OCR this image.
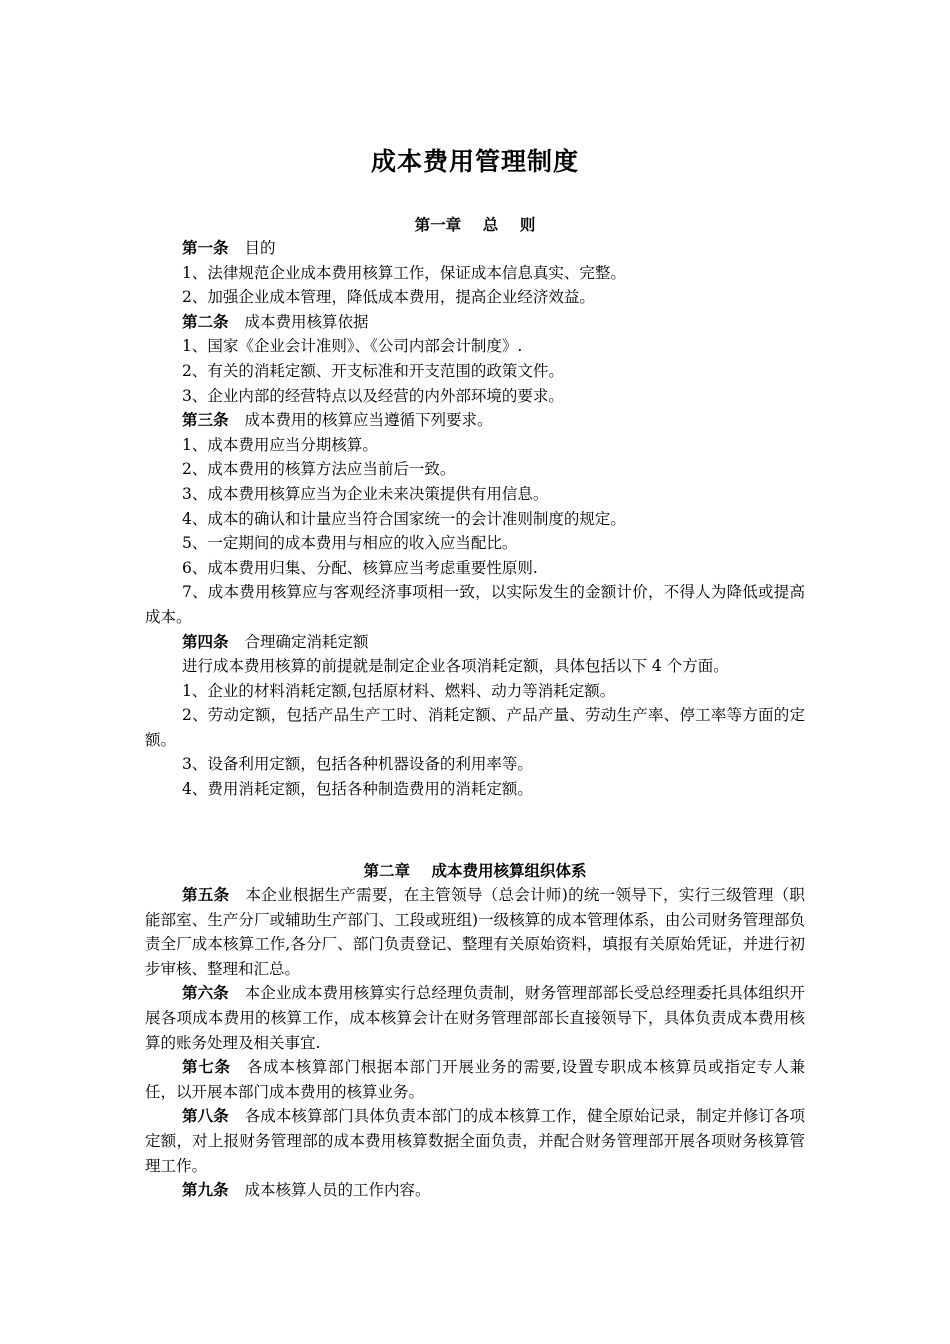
成本费用管理制度
第一章    总    则

第一条 目的

1、法律规范企业成本费用核算工作，保证成本信息真实、完整。

2、加强企业成本管理，降低成本费用，提高企业经济效益。

第二条 成本费用核算依据

1、国家《企业会计准则》、《公司内部会计制度》.

2、有关的消耗定额、开支标准和开支范围的政策文件。

3、企业内部的经营特点以及经营的内外部环境的要求。

第三条 成本费用的核算应当遵循下列要求。

1、成本费用应当分期核算。

2、成本费用的核算方法应当前后一致。

3、成本费用核算应当为企业未来决策提供有用信息。

4、成本的确认和计量应当符合国家统一的会计准则制度的规定。

5、一定期间的成本费用与相应的收入应当配比。

6、成本费用归集、分配、核算应当考虑重要性原则.

7、成本费用核算应与客观经济事项相一致，以实际发生的金额计价，不得人为降低或提高成本。

第四条 合理确定消耗定额

进行成本费用核算的前提就是制定企业各项消耗定额，具体包括以下 4 个方面。

1、企业的材料消耗定额,包括原材料、燃料、动力等消耗定额。

2、劳动定额，包括产品生产工时、消耗定额、产品产量、劳动生产率、停工率等方面的定额。

3、设备利用定额，包括各种机器设备的利用率等。

4、费用消耗定额，包括各种制造费用的消耗定额。

第二章    成本费用核算组织体系

第五条 本企业根据生产需要，在主管领导（总会计师)的统一领导下，实行三级管理（职能部室、生产分厂或辅助生产部门、工段或班组)一级核算的成本管理体系，由公司财务管理部负责全厂成本核算工作,各分厂、部门负责登记、整理有关原始资料，填报有关原始凭证，并进行初步审核、整理和汇总。

第六条 本企业成本费用核算实行总经理负责制，财务管理部部长受总经理委托具体组织开展各项成本费用的核算工作，成本核算会计在财务管理部部长直接领导下，具体负责成本费用核算的账务处理及相关事宜.

第七条 各成本核算部门根据本部门开展业务的需要,设置专职成本核算员或指定专人兼任，以开展本部门成本费用的核算业务。

第八条 各成本核算部门具体负责本部门的成本核算工作，健全原始记录，制定并修订各项定额，对上报财务管理部的成本费用核算数据全面负责，并配合财务管理部开展各项财务核算管理工作。

第九条 成本核算人员的工作内容。
